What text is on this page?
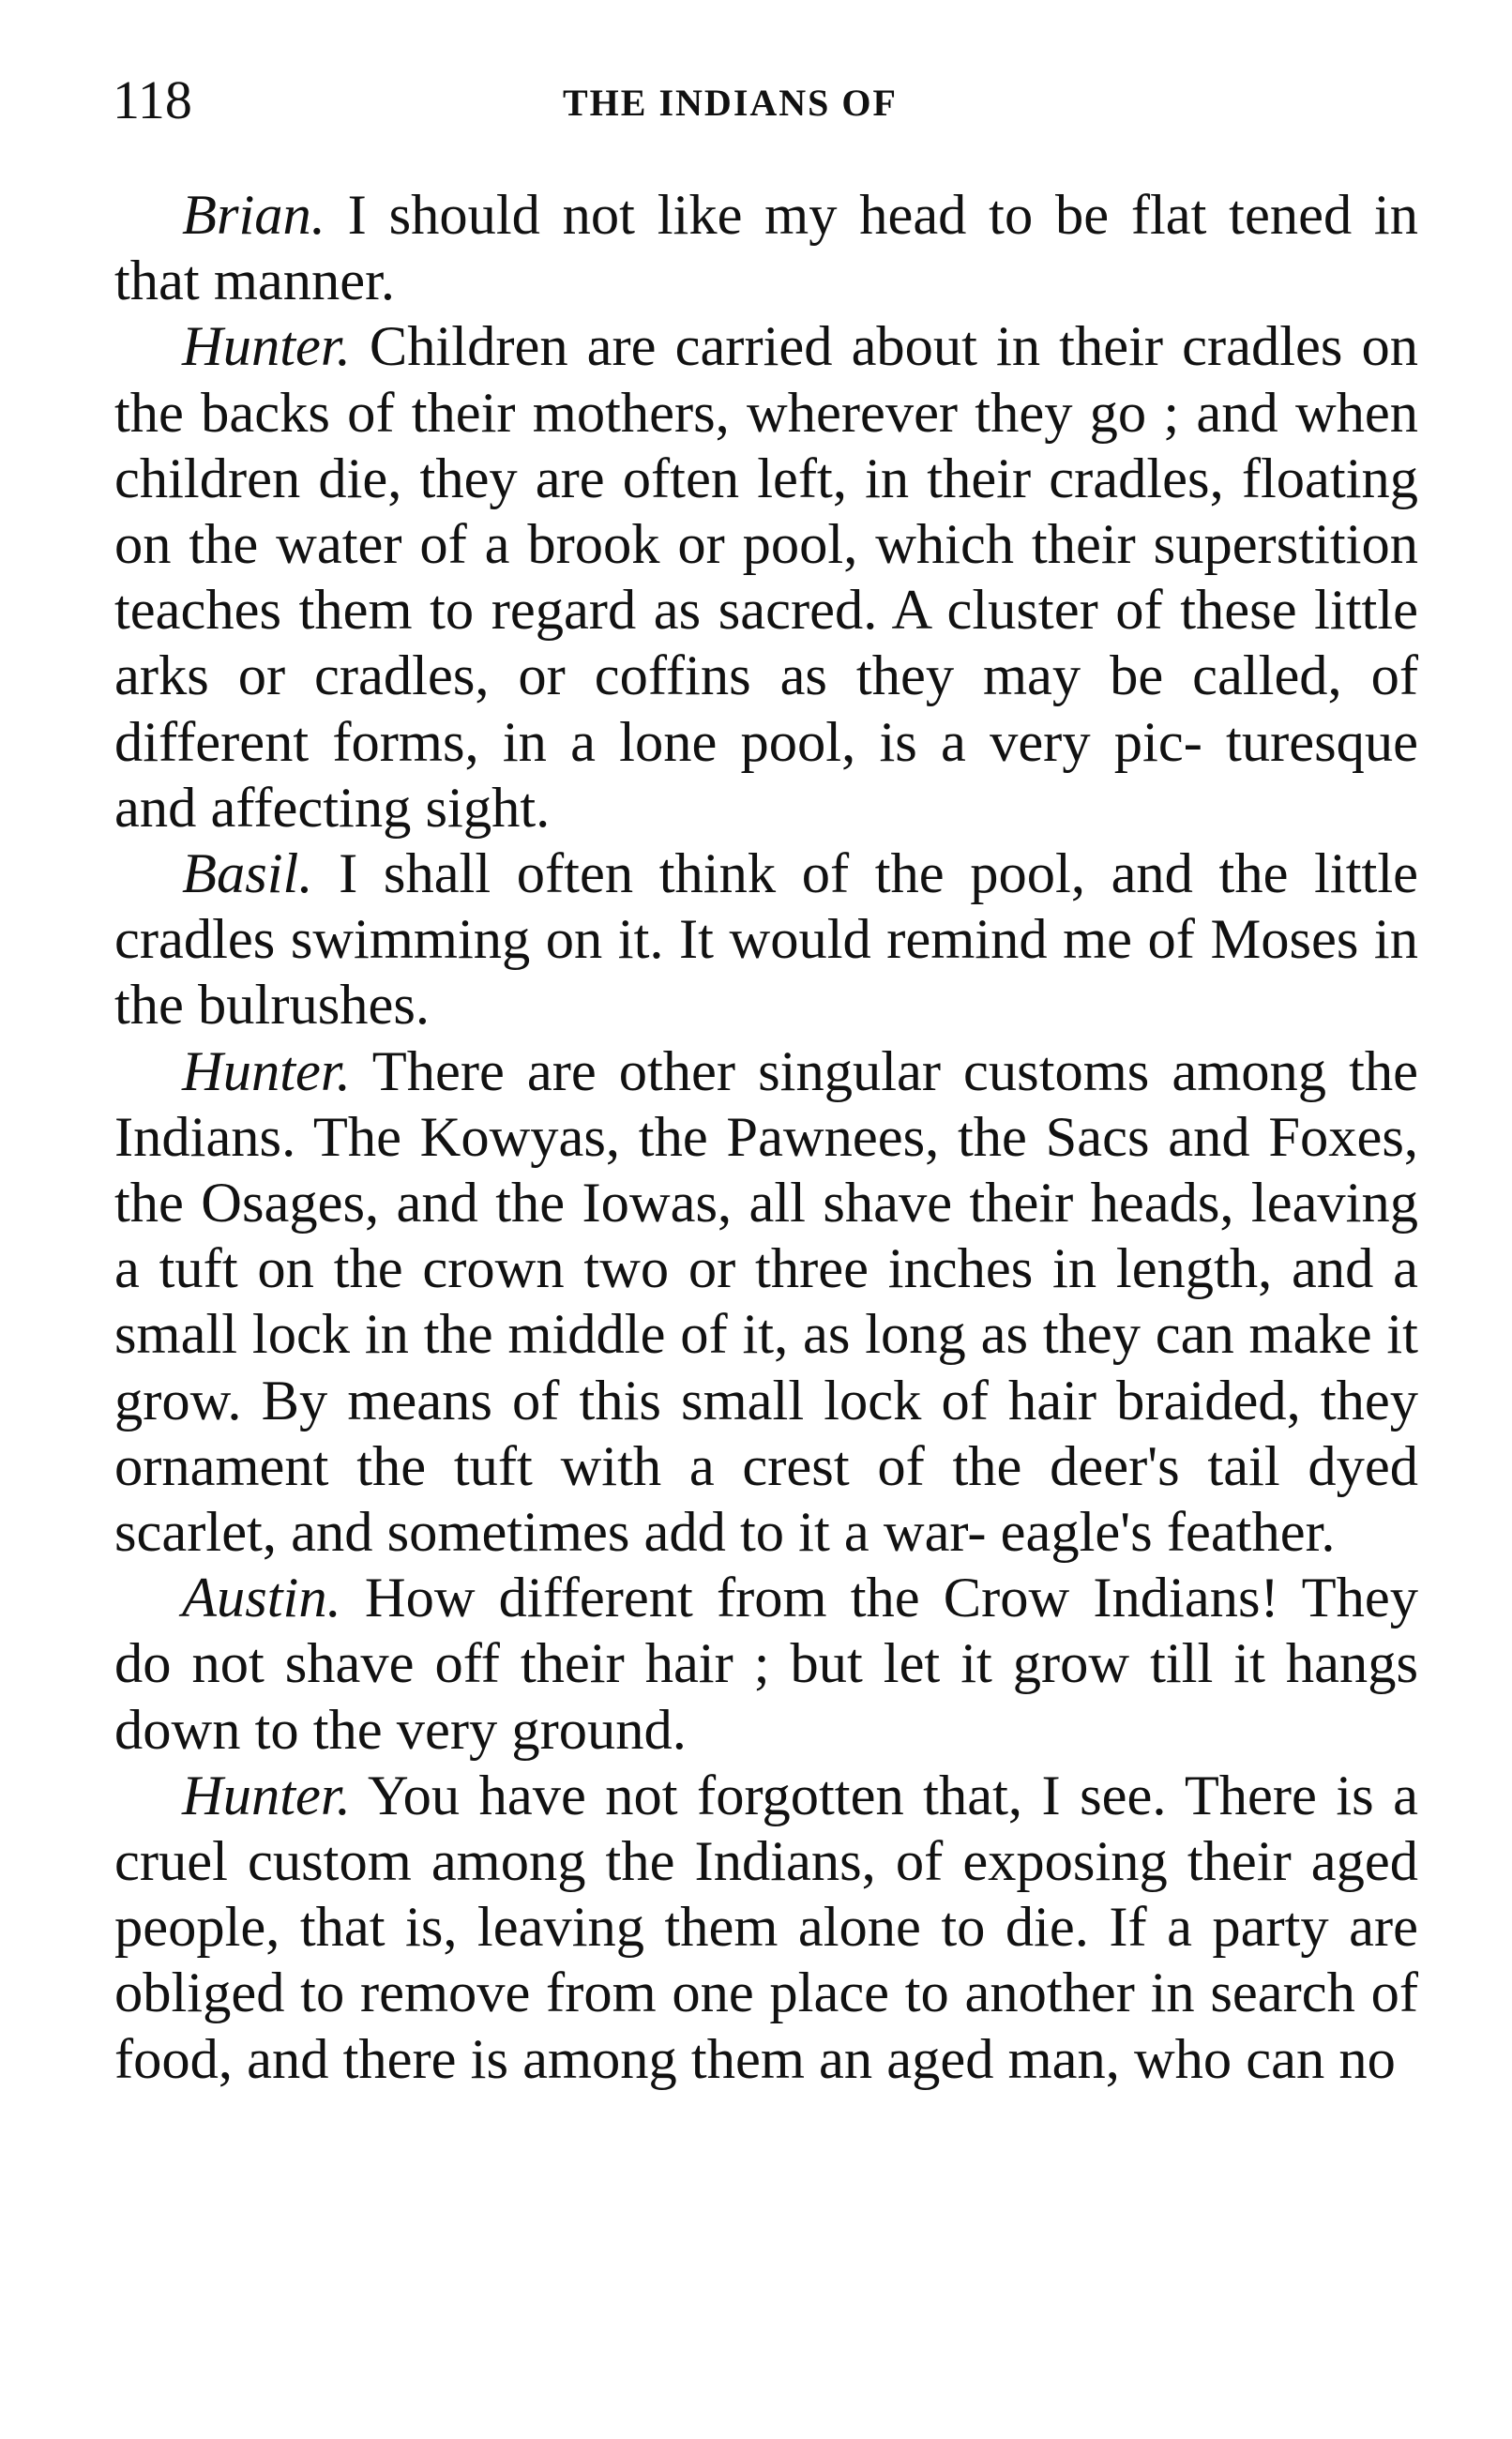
118	THE INDIANS OF

Brian. I should not like my head to be flat tened in that manner.

Hunter. Children are carried about in their cradles on the backs of their mothers, wherever they go ; and when children die, they are often left, in their cradles, floating on the water of a brook or pool, which their superstition teaches them to regard as sacred. A cluster of these little arks or cradles, or coffins as they may be called, of different forms, in a lone pool, is a very pic- turesque and affecting sight.

Basil. I shall often think of the pool, and the little cradles swimming on it. It would remind me of Moses in the bulrushes.

Hunter. There are other singular customs among the Indians. The Kowyas, the Pawnees, the Sacs and Foxes, the Osages, and the Iowas, all shave their heads, leaving a tuft on the crown two or three inches in length, and a small lock in the middle of it, as long as they can make it grow. By means of this small lock of hair braided, they ornament the tuft with a crest of the deer's tail dyed scarlet, and sometimes add to it a war- eagle's feather.

Austin. How different from the Crow Indians! They do not shave off their hair ; but let it grow till it hangs down to the very ground.

Hunter. You have not forgotten that, I see. There is a cruel custom among the Indians, of exposing their aged people, that is, leaving them alone to die. If a party are obliged to remove from one place to another in search of food, and there is among them an aged man, who can no
